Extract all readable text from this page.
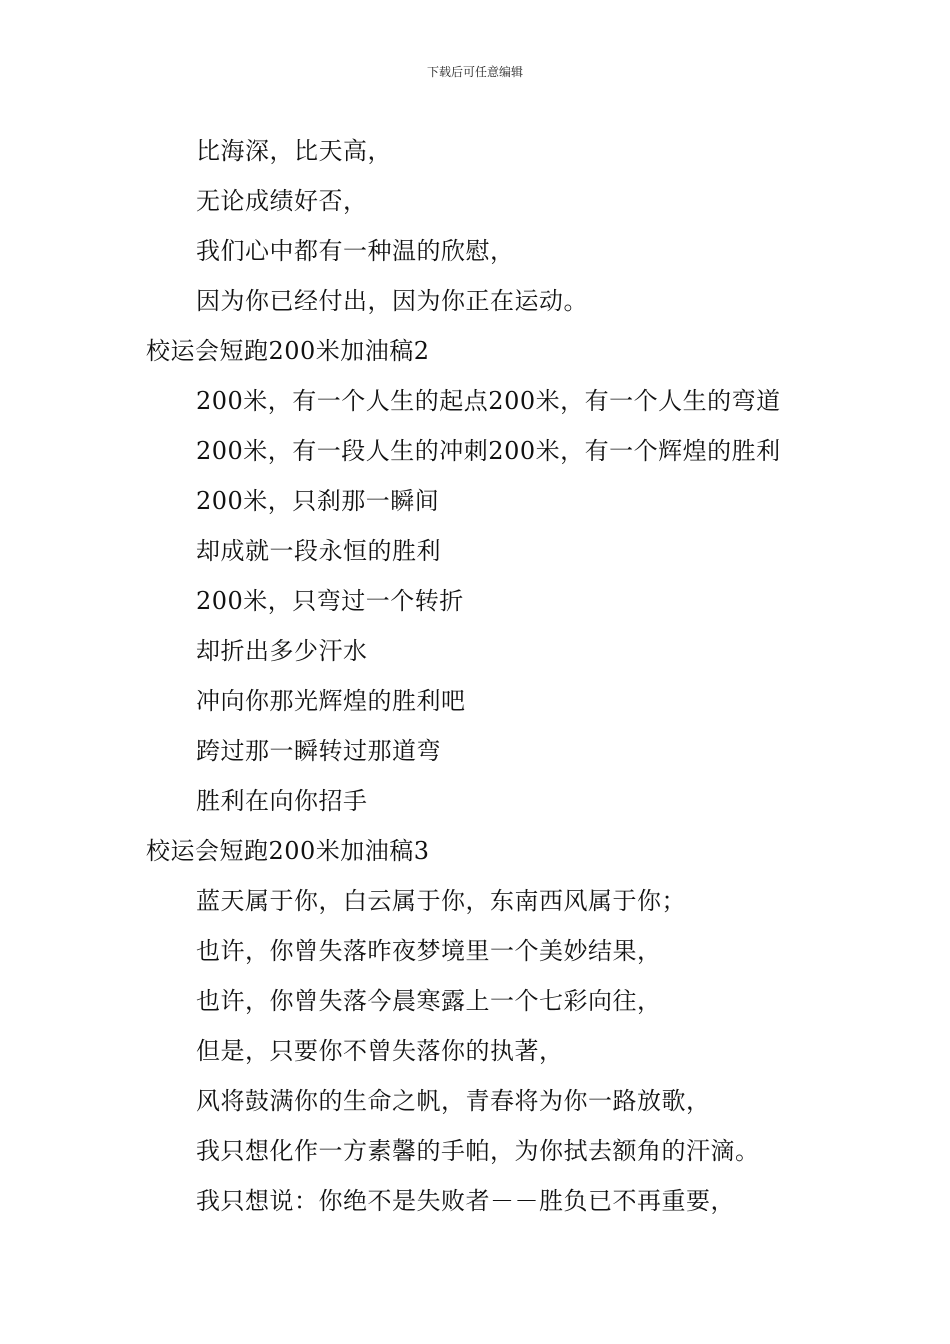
下载后可任意编辑
比海深，比天高，
无论成绩好否，
我们心中都有一种温的欣慰，
因为你已经付出，因为你正在运动。
校运会短跑200米加油稿2
200米，有一个人生的起点200米，有一个人生的弯道
200米，有一段人生的冲刺200米，有一个辉煌的胜利
200米，只刹那一瞬间
却成就一段永恒的胜利
200米，只弯过一个转折
却折出多少汗水
冲向你那光辉煌的胜利吧
跨过那一瞬转过那道弯
胜利在向你招手
校运会短跑200米加油稿3
蓝天属于你，白云属于你，东南西风属于你；
也许，你曾失落昨夜梦境里一个美妙结果，
也许，你曾失落今晨寒露上一个七彩向往，
但是，只要你不曾失落你的执著，
风将鼓满你的生命之帆，青春将为你一路放歌，
我只想化作一方素馨的手帕，为你拭去额角的汗滴。
我只想说：你绝不是失败者－－胜负已不再重要，
